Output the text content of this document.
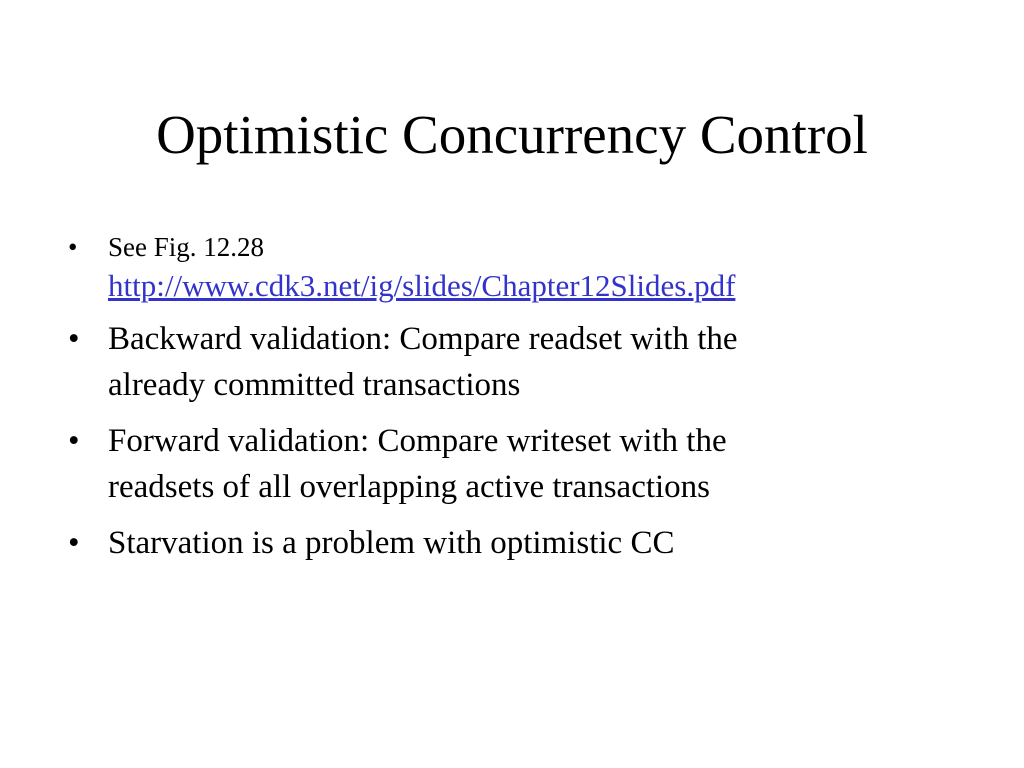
Optimistic Concurrency Control
• See Fig. 12.28
http://www.cdk3.net/ig/slides/Chapter12Slides.pdf
• Backward validation: Compare readset with the
already committed transactions
• Forward validation: Compare writeset with the
readsets of all overlapping active transactions
• Starvation is a problem with optimistic CC
